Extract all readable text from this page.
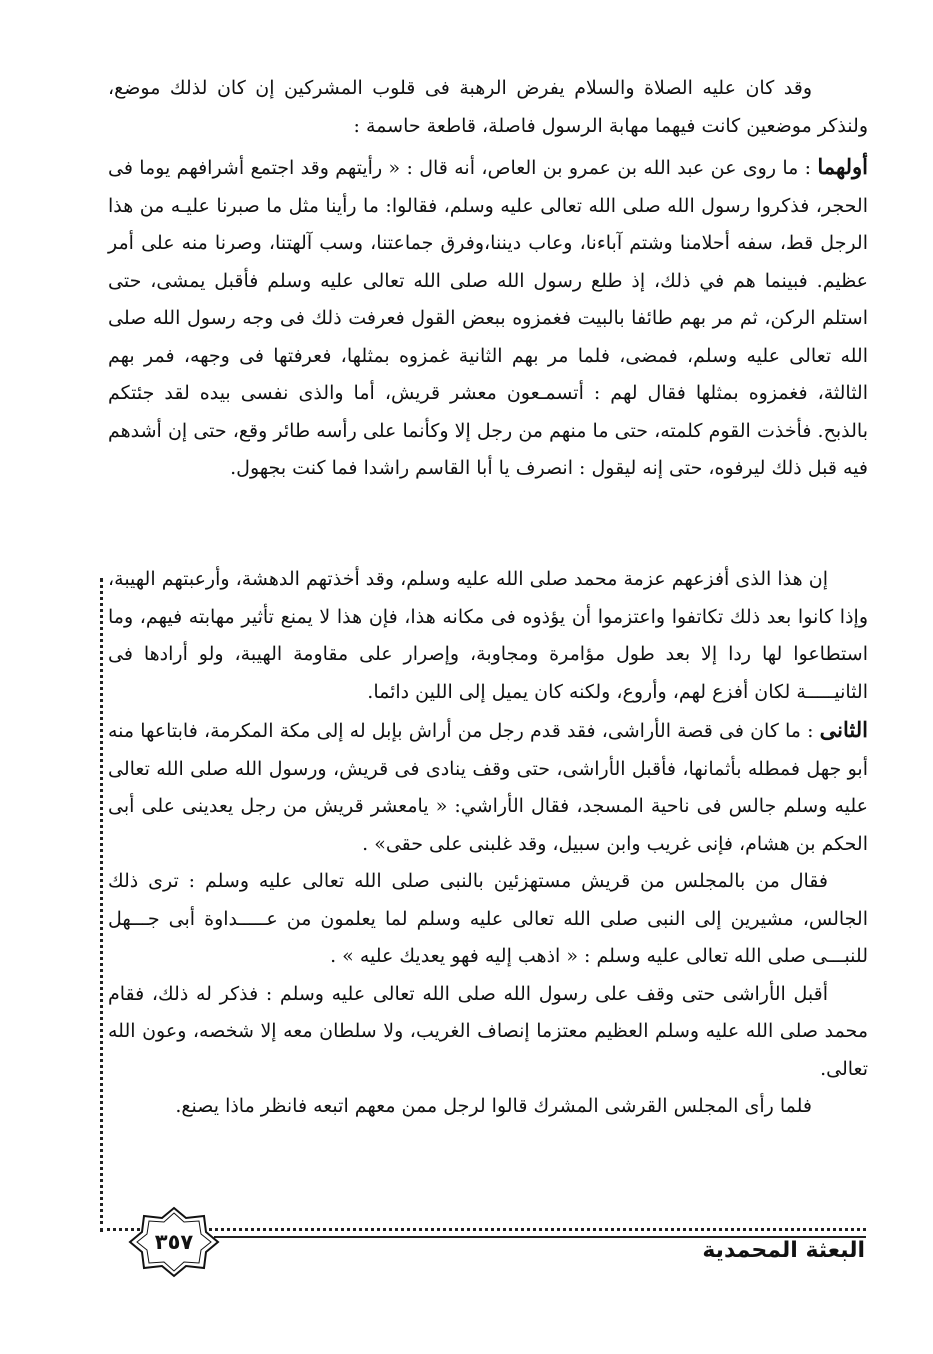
وقد كان عليه الصلاة والسلام يفرض الرهبة فى قلوب المشركين إن كان لذلك موضع، ولنذكر موضعين كانت فيهما مهابة الرسول فاصلة، قاطعة حاسمة :

أولهما : ما روى عن عبد الله بن عمرو بن العاص، أنه قال : « رأيتهم وقد اجتمع أشرافهم يوما فى الحجر، فذكروا رسول الله صلى الله تعالى عليه وسلم، فقالوا: ما رأينا مثل ما صبرنا عليـه من هذا الرجل قط، سفه أحلامنا وشتم آباءنا، وعاب ديننا،وفرق جماعتنا، وسب آلهتنا، وصرنا منه على أمر عظيم. فبينما هم في ذلك، إذ طلع رسول الله صلى الله تعالى عليه وسلم فأقبل يمشى، حتى استلم الركن، ثم مر بهم طائفا بالبيت فغمزوه ببعض القول فعرفت ذلك فى وجه رسول الله صلى الله تعالى عليه وسلم، فمضى، فلما مر بهم الثانية غمزوه بمثلها، فعرفتها فى وجهه، فمر بهم الثالثة، فغمزوه بمثلها فقال لهم : أتسمـعون معشر قريش، أما والذى نفسى بيده لقد جئتكم بالذبح. فأخذت القوم كلمته، حتى ما منهم من رجل إلا وكأنما على رأسه طائر وقع، حتى إن أشدهم فيه قبل ذلك ليرفوه، حتى إنه ليقول : انصرف يا أبا القاسم راشدا فما كنت بجهول.

إن هذا الذى أفزعهم عزمة محمد صلى الله عليه وسلم، وقد أخذتهم الدهشة، وأرعبتهم الهيبة، وإذا كانوا بعد ذلك تكاتفوا واعتزموا أن يؤذوه فى مكانه هذا، فإن هذا لا يمنع تأثير مهابته فيهم، وما استطاعوا لها ردا إلا بعد طول مؤامرة ومجاوبة، وإصرار على مقاومة الهيبة، ولو أرادها فى الثانيـــــة لكان أفزع لهم، وأروع، ولكنه كان يميل إلى اللين دائما.

الثانى : ما كان فى قصة الأراشى، فقد قدم رجل من أراش بإبل له إلى مكة المكرمة، فابتاعها منه أبو جهل فمطله بأثمانها، فأقبل الأراشى، حتى وقف ينادى فى قريش، ورسول الله صلى الله تعالى عليه وسلم جالس فى ناحية المسجد، فقال الأراشي: « يامعشر قريش من رجل يعدينى على أبى الحكم بن هشام، فإنى غريب وابن سبيل، وقد غلبنى على حقى» .

فقال من بالمجلس من قريش مستهزئين بالنبى صلى الله تعالى عليه وسلم : ترى ذلك الجالس، مشيرين إلى النبى صلى الله تعالى عليه وسلم لما يعلمون من عـــــداوة أبى جـــهل للنبـــى صلى الله تعالى عليه وسلم : « اذهب إليه فهو يعديك عليه » .

أقبل الأراشى حتى وقف على رسول الله صلى الله تعالى عليه وسلم : فذكر له ذلك، فقام محمد صلى الله عليه وسلم العظيم معتزما إنصاف الغريب، ولا سلطان معه إلا شخصه، وعون الله تعالى.

فلما رأى المجلس القرشى المشرك قالوا لرجل ممن معهم اتبعه فانظر ماذا يصنع.

٣٥٧	البعثة المحمدية
